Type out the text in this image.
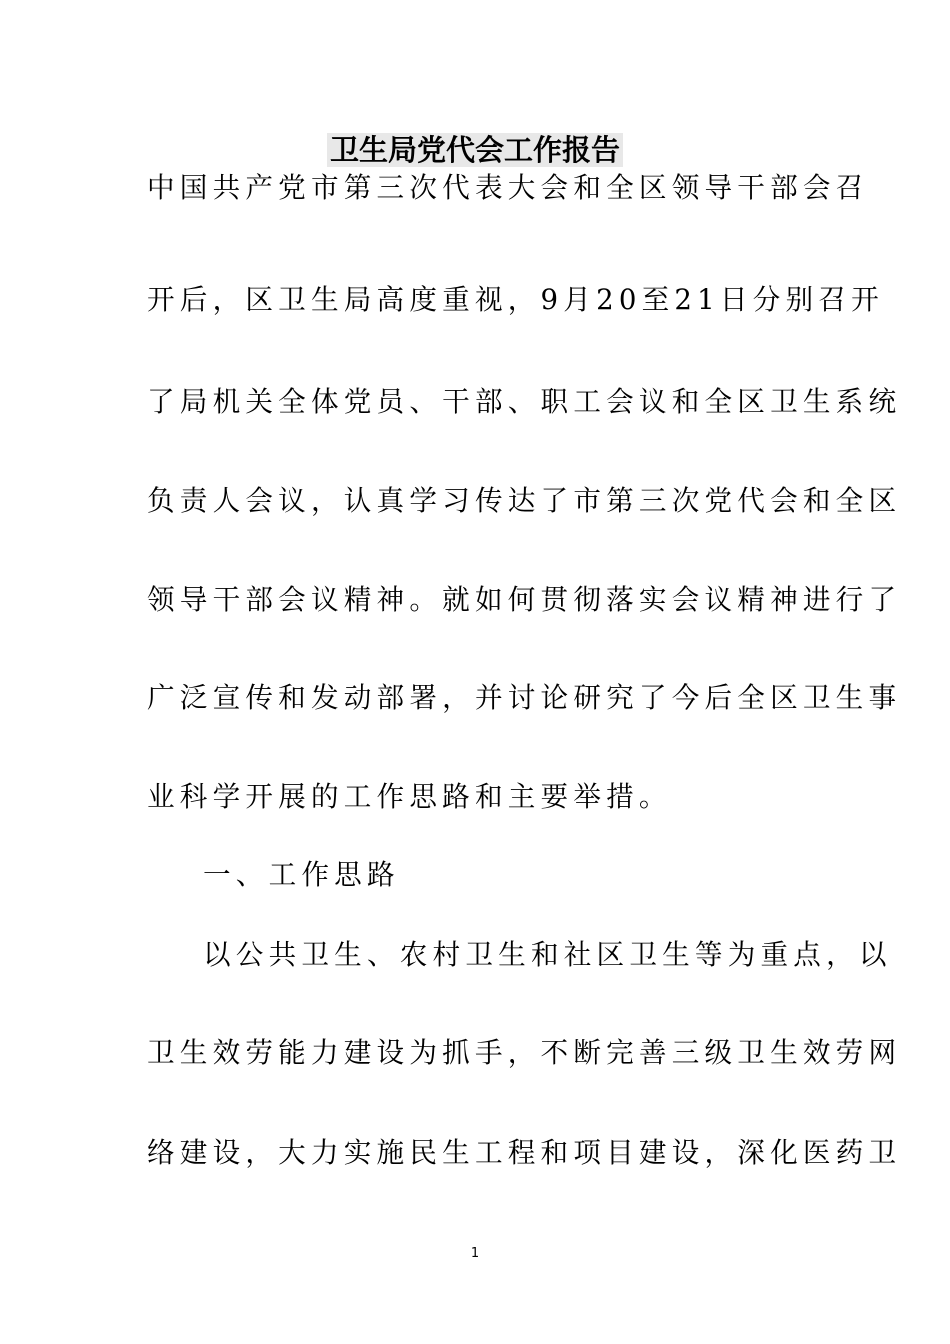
卫生局党代会工作报告
中国共产党市第三次代表大会和全区领导干部会召
开后，区卫生局高度重视，9月20至21日分别召开
了局机关全体党员、干部、职工会议和全区卫生系统
负责人会议，认真学习传达了市第三次党代会和全区
领导干部会议精神。就如何贯彻落实会议精神进行了
广泛宣传和发动部署，并讨论研究了今后全区卫生事
业科学开展的工作思路和主要举措。
一、工作思路
以公共卫生、农村卫生和社区卫生等为重点，以
卫生效劳能力建设为抓手，不断完善三级卫生效劳网
络建设，大力实施民生工程和项目建设，深化医药卫
1
